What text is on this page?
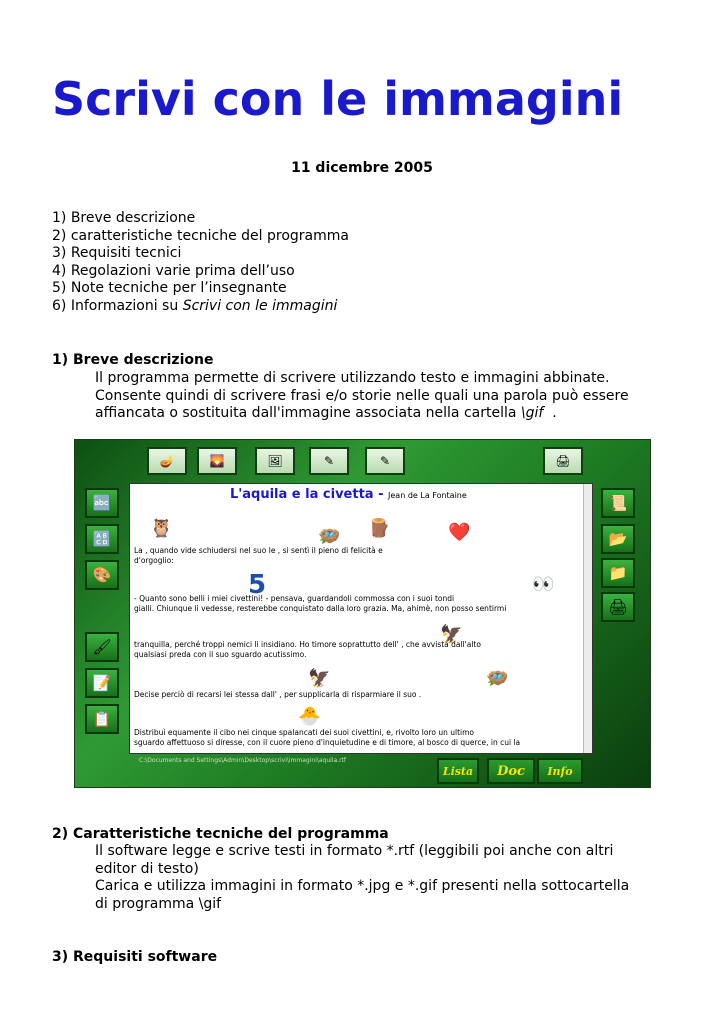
Scrivi con le immagini
11 dicembre 2005
1) Breve descrizione
2) caratteristiche tecniche del programma
3) Requisiti tecnici
4) Regolazioni varie prima dell’uso
5) Note tecniche per l’insegnante
6) Informazioni su Scrivi con le immagini
1) Breve descrizione
Il programma permette di scrivere utilizzando testo e immagini abbinate.
Consente quindi di scrivere frasi e/o storie nelle quali una parola può essere
affiancata o sostituita dall'immagine associata nella cartella \gif  .
🪔	🌄	🖼	✎	✎	🖨
🔤
🔠
🎨
🖌
📝
📋
📜
📂
📁
🖨
L'aquila e la civetta - Jean de La Fontaine
🦉	🪺 🪵	❤️
La , quando vide schiudersi nel suo le , si sentì il pieno di felicità e
d'orgoglio:
5	👀
- Quanto sono belli i miei civettini! - pensava, guardandoli commossa con i suoi tondi
gialli. Chiunque li vedesse, resterebbe conquistato dalla loro grazia. Ma, ahimè, non posso sentirmi
🦅
tranquilla, perché troppi nemici li insidiano. Ho timore soprattutto dell' , che avvista dall'alto
qualsiasi preda con il suo sguardo acutissimo.
🦅	🪺
Decise perciò di recarsi lei stessa dall' , per supplicarla di risparmiare il suo .
🐣
Distribuì equamente il cibo nei cinque spalancati dei suoi civettini, e, rivolto loro un ultimo
sguardo affettuoso si diresse, con il cuore pieno d'inquietudine e di timore, al bosco di querce, in cui la
C:\Documents and Settings\Admin\Desktop\scrivi\immagini\aquila.rtf
Lista	Doc	Info
2) Caratteristiche tecniche del programma
Il software legge e scrive testi in formato *.rtf (leggibili poi anche con altri
editor di testo)
Carica e utilizza immagini in formato *.jpg e *.gif presenti nella sottocartella
di programma \gif
3) Requisiti software
